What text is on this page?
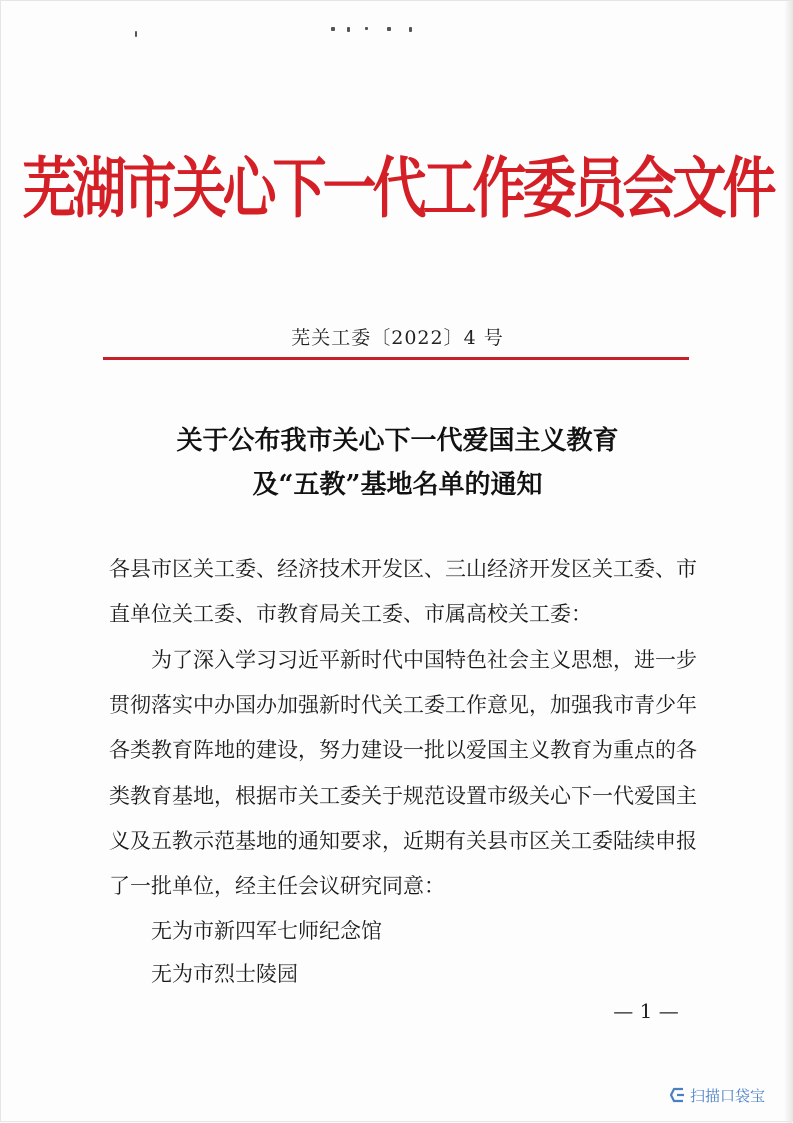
芜湖市关心下一代工作委员会文件
芜关工委〔2022〕4 号
关于公布我市关心下一代爱国主义教育
及“五教”基地名单的通知
各县市区关工委、经济技术开发区、三山经济开发区关工委、市
直单位关工委、市教育局关工委、市属高校关工委：
为了深入学习习近平新时代中国特色社会主义思想，进一步
贯彻落实中办国办加强新时代关工委工作意见，加强我市青少年
各类教育阵地的建设，努力建设一批以爱国主义教育为重点的各
类教育基地，根据市关工委关于规范设置市级关心下一代爱国主
义及五教示范基地的通知要求，近期有关县市区关工委陆续申报
了一批单位，经主任会议研究同意：
无为市新四军七师纪念馆
无为市烈士陵园
— 1 —
扫描口袋宝
